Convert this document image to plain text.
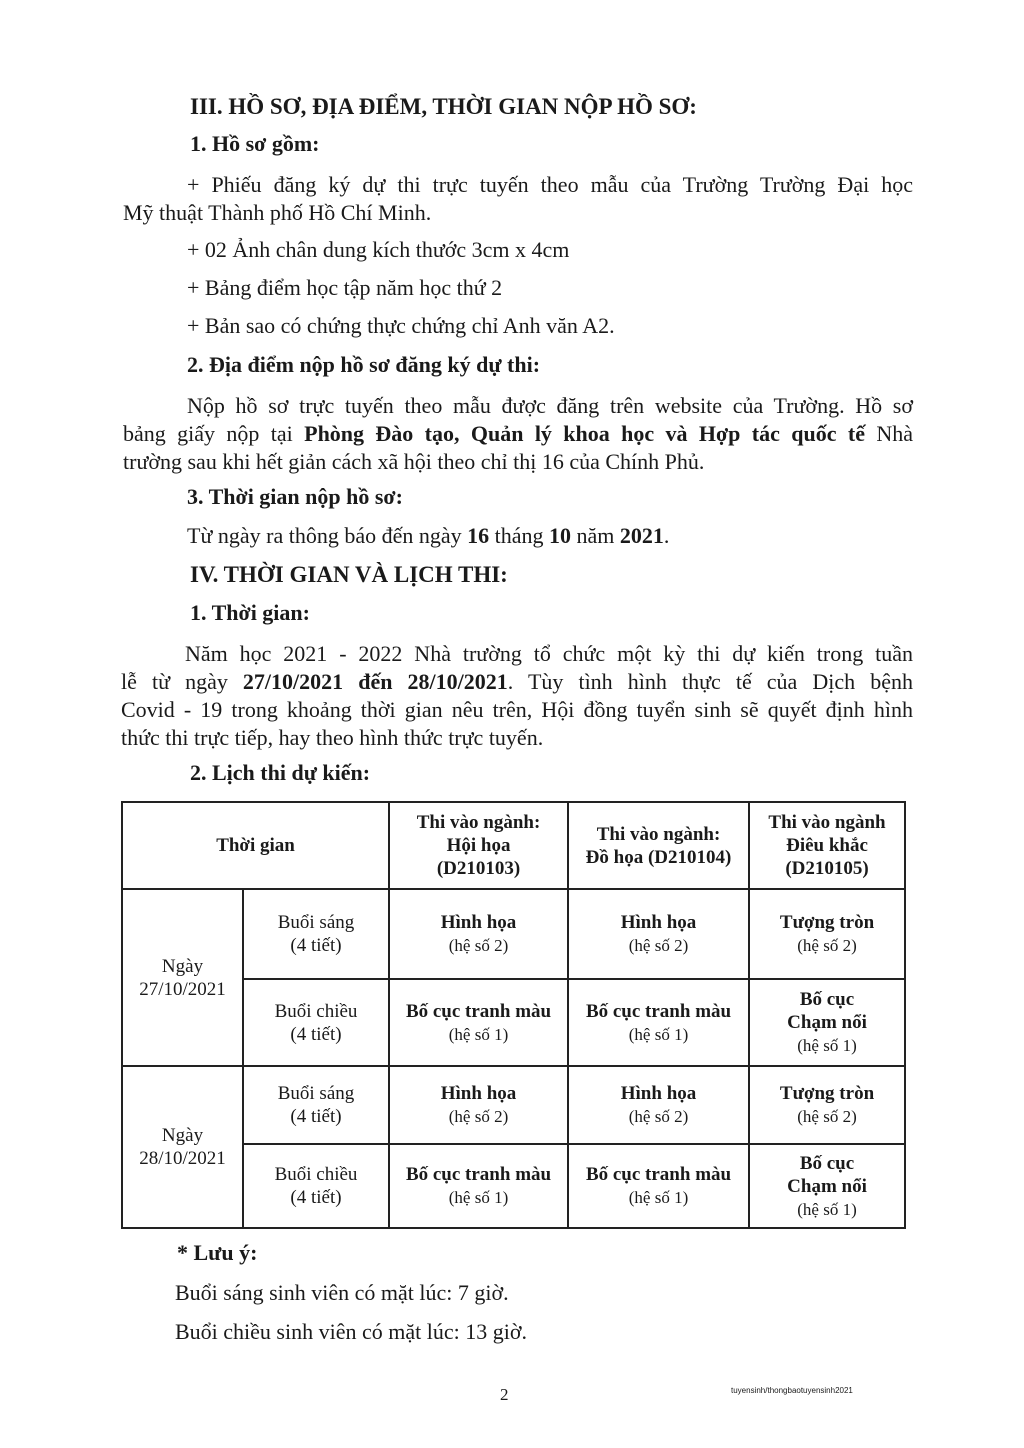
III. HỒ SƠ, ĐỊA ĐIỂM, THỜI GIAN NỘP HỒ SƠ:
1. Hồ sơ gồm:
+ Phiếu đăng ký dự thi trực tuyến theo mẫu của Trường Trường Đại học
Mỹ thuật Thành phố Hồ Chí Minh.
+ 02 Ảnh chân dung kích thước 3cm x 4cm
+ Bảng điểm học tập năm học thứ 2
+ Bản sao có chứng thực chứng chỉ Anh văn A2.
2. Địa điểm nộp hồ sơ đăng ký dự thi:
Nộp hồ sơ trực tuyến theo mẫu được đăng trên website của Trường. Hồ sơ
bảng giấy nộp tại Phòng Đào tạo, Quản lý khoa học và Hợp tác quốc tế Nhà
trường sau khi hết giản cách xã hội theo chỉ thị 16 của Chính Phủ.
3. Thời gian nộp hồ sơ:
Từ ngày ra thông báo đến ngày 16 tháng 10 năm 2021.
IV. THỜI GIAN VÀ LỊCH THI:
1. Thời gian:
Năm học 2021 - 2022 Nhà trường tổ chức một kỳ thi dự kiến trong tuần
lễ từ ngày 27/10/2021 đến 28/10/2021. Tùy tình hình thực tế của Dịch bệnh
Covid - 19 trong khoảng thời gian nêu trên, Hội đồng tuyển sinh sẽ quyết định hình
thức thi trực tiếp, hay theo hình thức trực tuyến.
2. Lịch thi dự kiến:
Thời gian		Thi vào ngành:
Hội họa
(D210103)	Thi vào ngành:
Đồ họa (D210104)	Thi vào ngành
Điêu khắc
(D210105)

Ngày
27/10/2021	Buổi sáng
(4 tiết)	Hình họa
(hệ số 2)	Hình họa
(hệ số 2)	Tượng tròn
(hệ số 2)

	Buổi chiều
(4 tiết)	Bố cục tranh màu
(hệ số 1)	Bố cục tranh màu
(hệ số 1)	Bố cục
Chạm nổi
(hệ số 1)

Ngày
28/10/2021	Buổi sáng
(4 tiết)	Hình họa
(hệ số 2)	Hình họa
(hệ số 2)	Tượng tròn
(hệ số 2)

	Buổi chiều
(4 tiết)	Bố cục tranh màu
(hệ số 1)	Bố cục tranh màu
(hệ số 1)	Bố cục
Chạm nổi
(hệ số 1)
* Lưu ý:
Buổi sáng sinh viên có mặt lúc: 7 giờ.
Buổi chiều sinh viên có mặt lúc: 13 giờ.
2	tuyensinh/thongbaotuyensinh2021
